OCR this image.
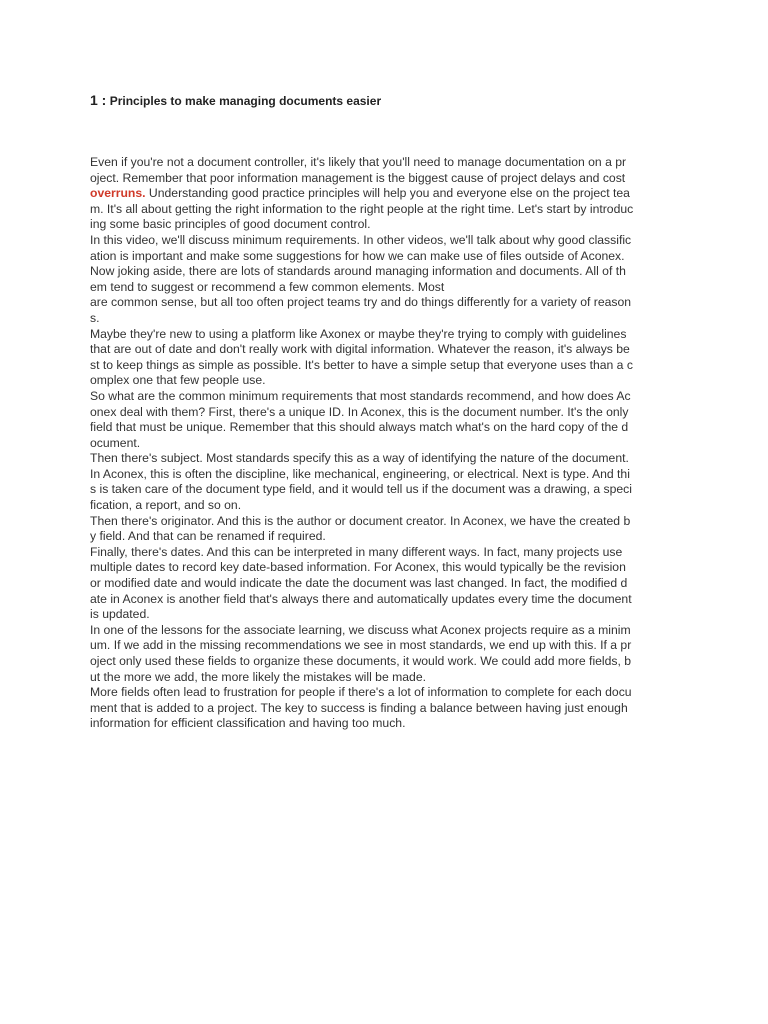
1 : Principles to make managing documents easier
Even if you're not a document controller, it's likely that you'll need to manage documentation on a pr
oject. Remember that poor information management is the biggest cause of project delays and cost
overruns. Understanding good practice principles will help you and everyone else on the project tea
m. It's all about getting the right information to the right people at the right time. Let's start by introduc
ing some basic principles of good document control.
In this video, we'll discuss minimum requirements. In other videos, we'll talk about why good classific
ation is important and make some suggestions for how we can make use of files outside of Aconex.
Now joking aside, there are lots of standards around managing information and documents. All of th
em tend to suggest or recommend a few common elements. Most
are common sense, but all too often project teams try and do things differently for a variety of reason
s.
Maybe they're new to using a platform like Axonex or maybe they're trying to comply with guidelines
that are out of date and don't really work with digital information. Whatever the reason, it's always be
st to keep things as simple as possible. It's better to have a simple setup that everyone uses than a c
omplex one that few people use.
So what are the common minimum requirements that most standards recommend, and how does Ac
onex deal with them? First, there's a unique ID. In Aconex, this is the document number. It's the only
field that must be unique. Remember that this should always match what's on the hard copy of the d
ocument.
Then there's subject. Most standards specify this as a way of identifying the nature of the document.
In Aconex, this is often the discipline, like mechanical, engineering, or electrical. Next is type. And thi
s is taken care of the document type field, and it would tell us if the document was a drawing, a speci
fication, a report, and so on.
Then there's originator. And this is the author or document creator. In Aconex, we have the created b
y field. And that can be renamed if required.
Finally, there's dates. And this can be interpreted in many different ways. In fact, many projects use
multiple dates to record key date-based information. For Aconex, this would typically be the revision
or modified date and would indicate the date the document was last changed. In fact, the modified d
ate in Aconex is another field that's always there and automatically updates every time the document
is updated.
In one of the lessons for the associate learning, we discuss what Aconex projects require as a minim
um. If we add in the missing recommendations we see in most standards, we end up with this. If a pr
oject only used these fields to organize these documents, it would work. We could add more fields, b
ut the more we add, the more likely the mistakes will be made.
More fields often lead to frustration for people if there's a lot of information to complete for each docu
ment that is added to a project. The key to success is finding a balance between having just enough
information for efficient classification and having too much.
